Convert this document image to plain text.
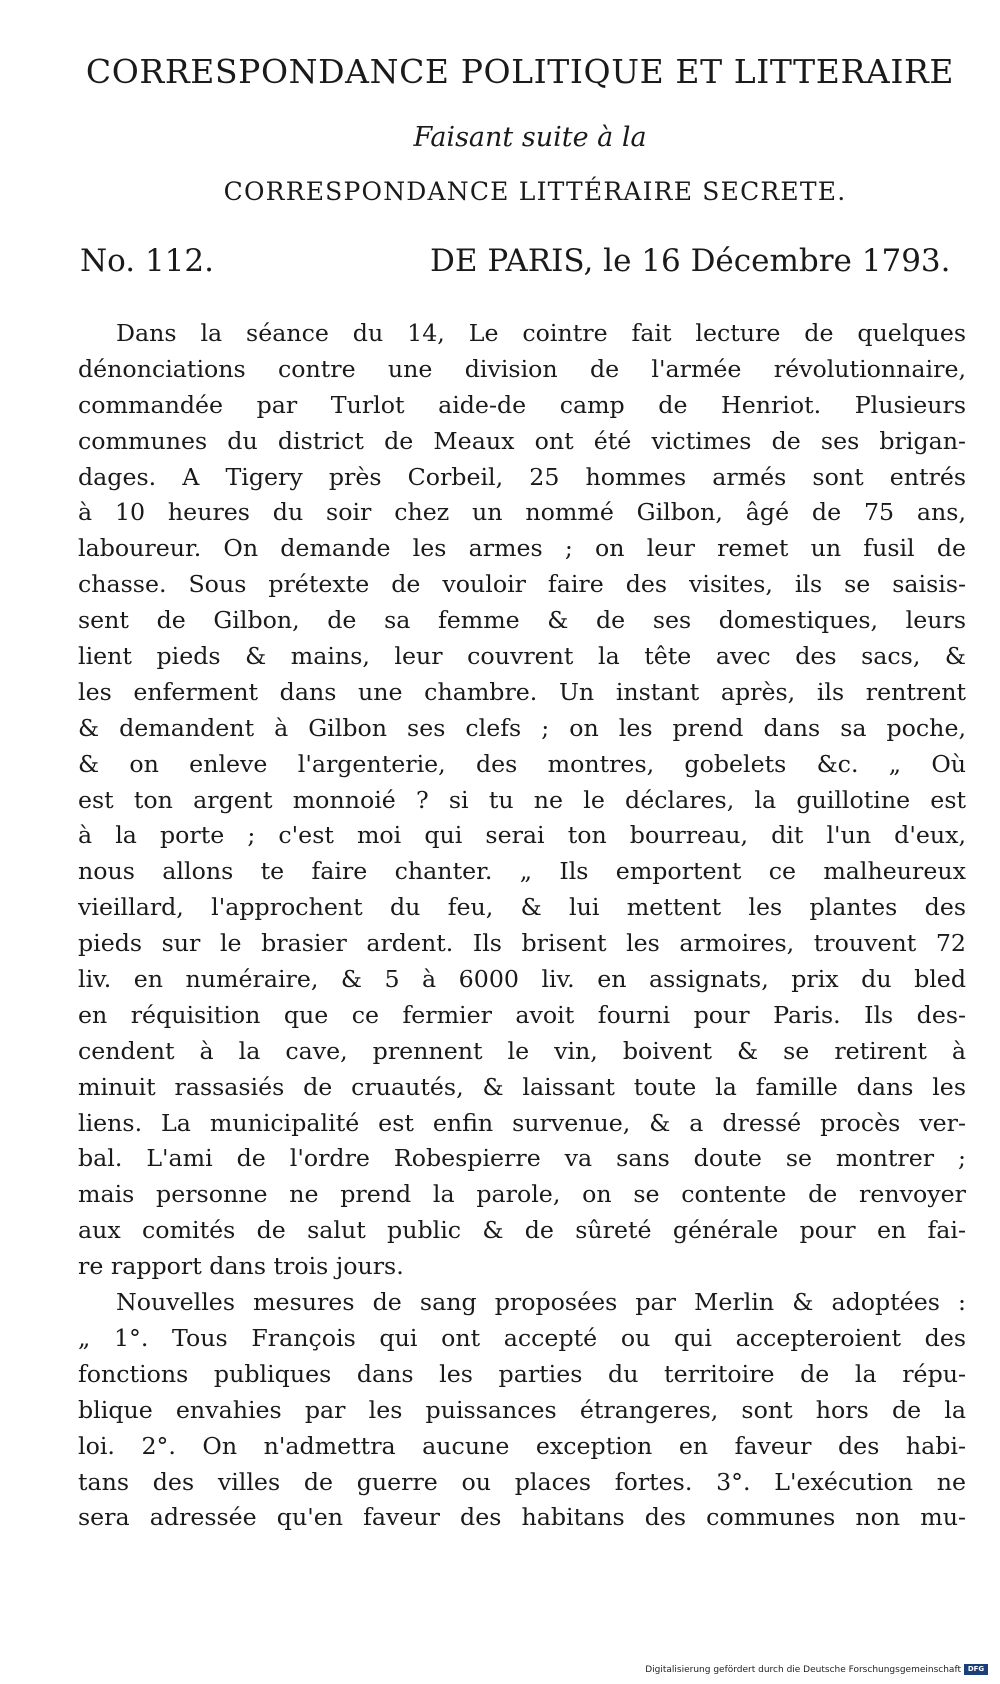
CORRESPONDANCE POLITIQUE ET LITTERAIRE
Faisant suite à la
CORRESPONDANCE LITTÉRAIRE SECRETE.
No. 112.	DE PARIS, le 16 Décembre 1793.
Dans la séance du 14, Le cointre fait lecture de quelques
dénonciations contre une division de l'armée révolutionnaire,
commandée par Turlot aide-de camp de Henriot. Plusieurs
communes du district de Meaux ont été victimes de ses brigan-
dages. A Tigery près Corbeil, 25 hommes armés sont entrés
à 10 heures du soir chez un nommé Gilbon, âgé de 75 ans,
laboureur. On demande les armes ; on leur remet un fusil de
chasse. Sous prétexte de vouloir faire des visites, ils se saisis-
sent de Gilbon, de sa femme & de ses domestiques, leurs
lient pieds & mains, leur couvrent la tête avec des sacs, &
les enferment dans une chambre. Un instant après, ils rentrent
& demandent à Gilbon ses clefs ; on les prend dans sa poche,
& on enleve l'argenterie, des montres, gobelets &c. „ Où
est ton argent monnoié ? si tu ne le déclares, la guillotine est
à la porte ; c'est moi qui serai ton bourreau, dit l'un d'eux,
nous allons te faire chanter. „ Ils emportent ce malheureux
vieillard, l'approchent du feu, & lui mettent les plantes des
pieds sur le brasier ardent. Ils brisent les armoires, trouvent 72
liv. en numéraire, & 5 à 6000 liv. en assignats, prix du bled
en réquisition que ce fermier avoit fourni pour Paris. Ils des-
cendent à la cave, prennent le vin, boivent & se retirent à
minuit rassasiés de cruautés, & laissant toute la famille dans les
liens. La municipalité est enfin survenue, & a dressé procès ver-
bal. L'ami de l'ordre Robespierre va sans doute se montrer ;
mais personne ne prend la parole, on se contente de renvoyer
aux comités de salut public & de sûreté générale pour en fai-
re rapport dans trois jours.
Nouvelles mesures de sang proposées par Merlin & adoptées :
„ 1°. Tous François qui ont accepté ou qui accepteroient des
fonctions publiques dans les parties du territoire de la répu-
blique envahies par les puissances étrangeres, sont hors de la
loi. 2°. On n'admettra aucune exception en faveur des habi-
tans des villes de guerre ou places fortes. 3°. L'exécution ne
sera adressée qu'en faveur des habitans des communes non mu-
Digitalisierung gefördert durch die Deutsche Forschungsgemeinschaft DFG
